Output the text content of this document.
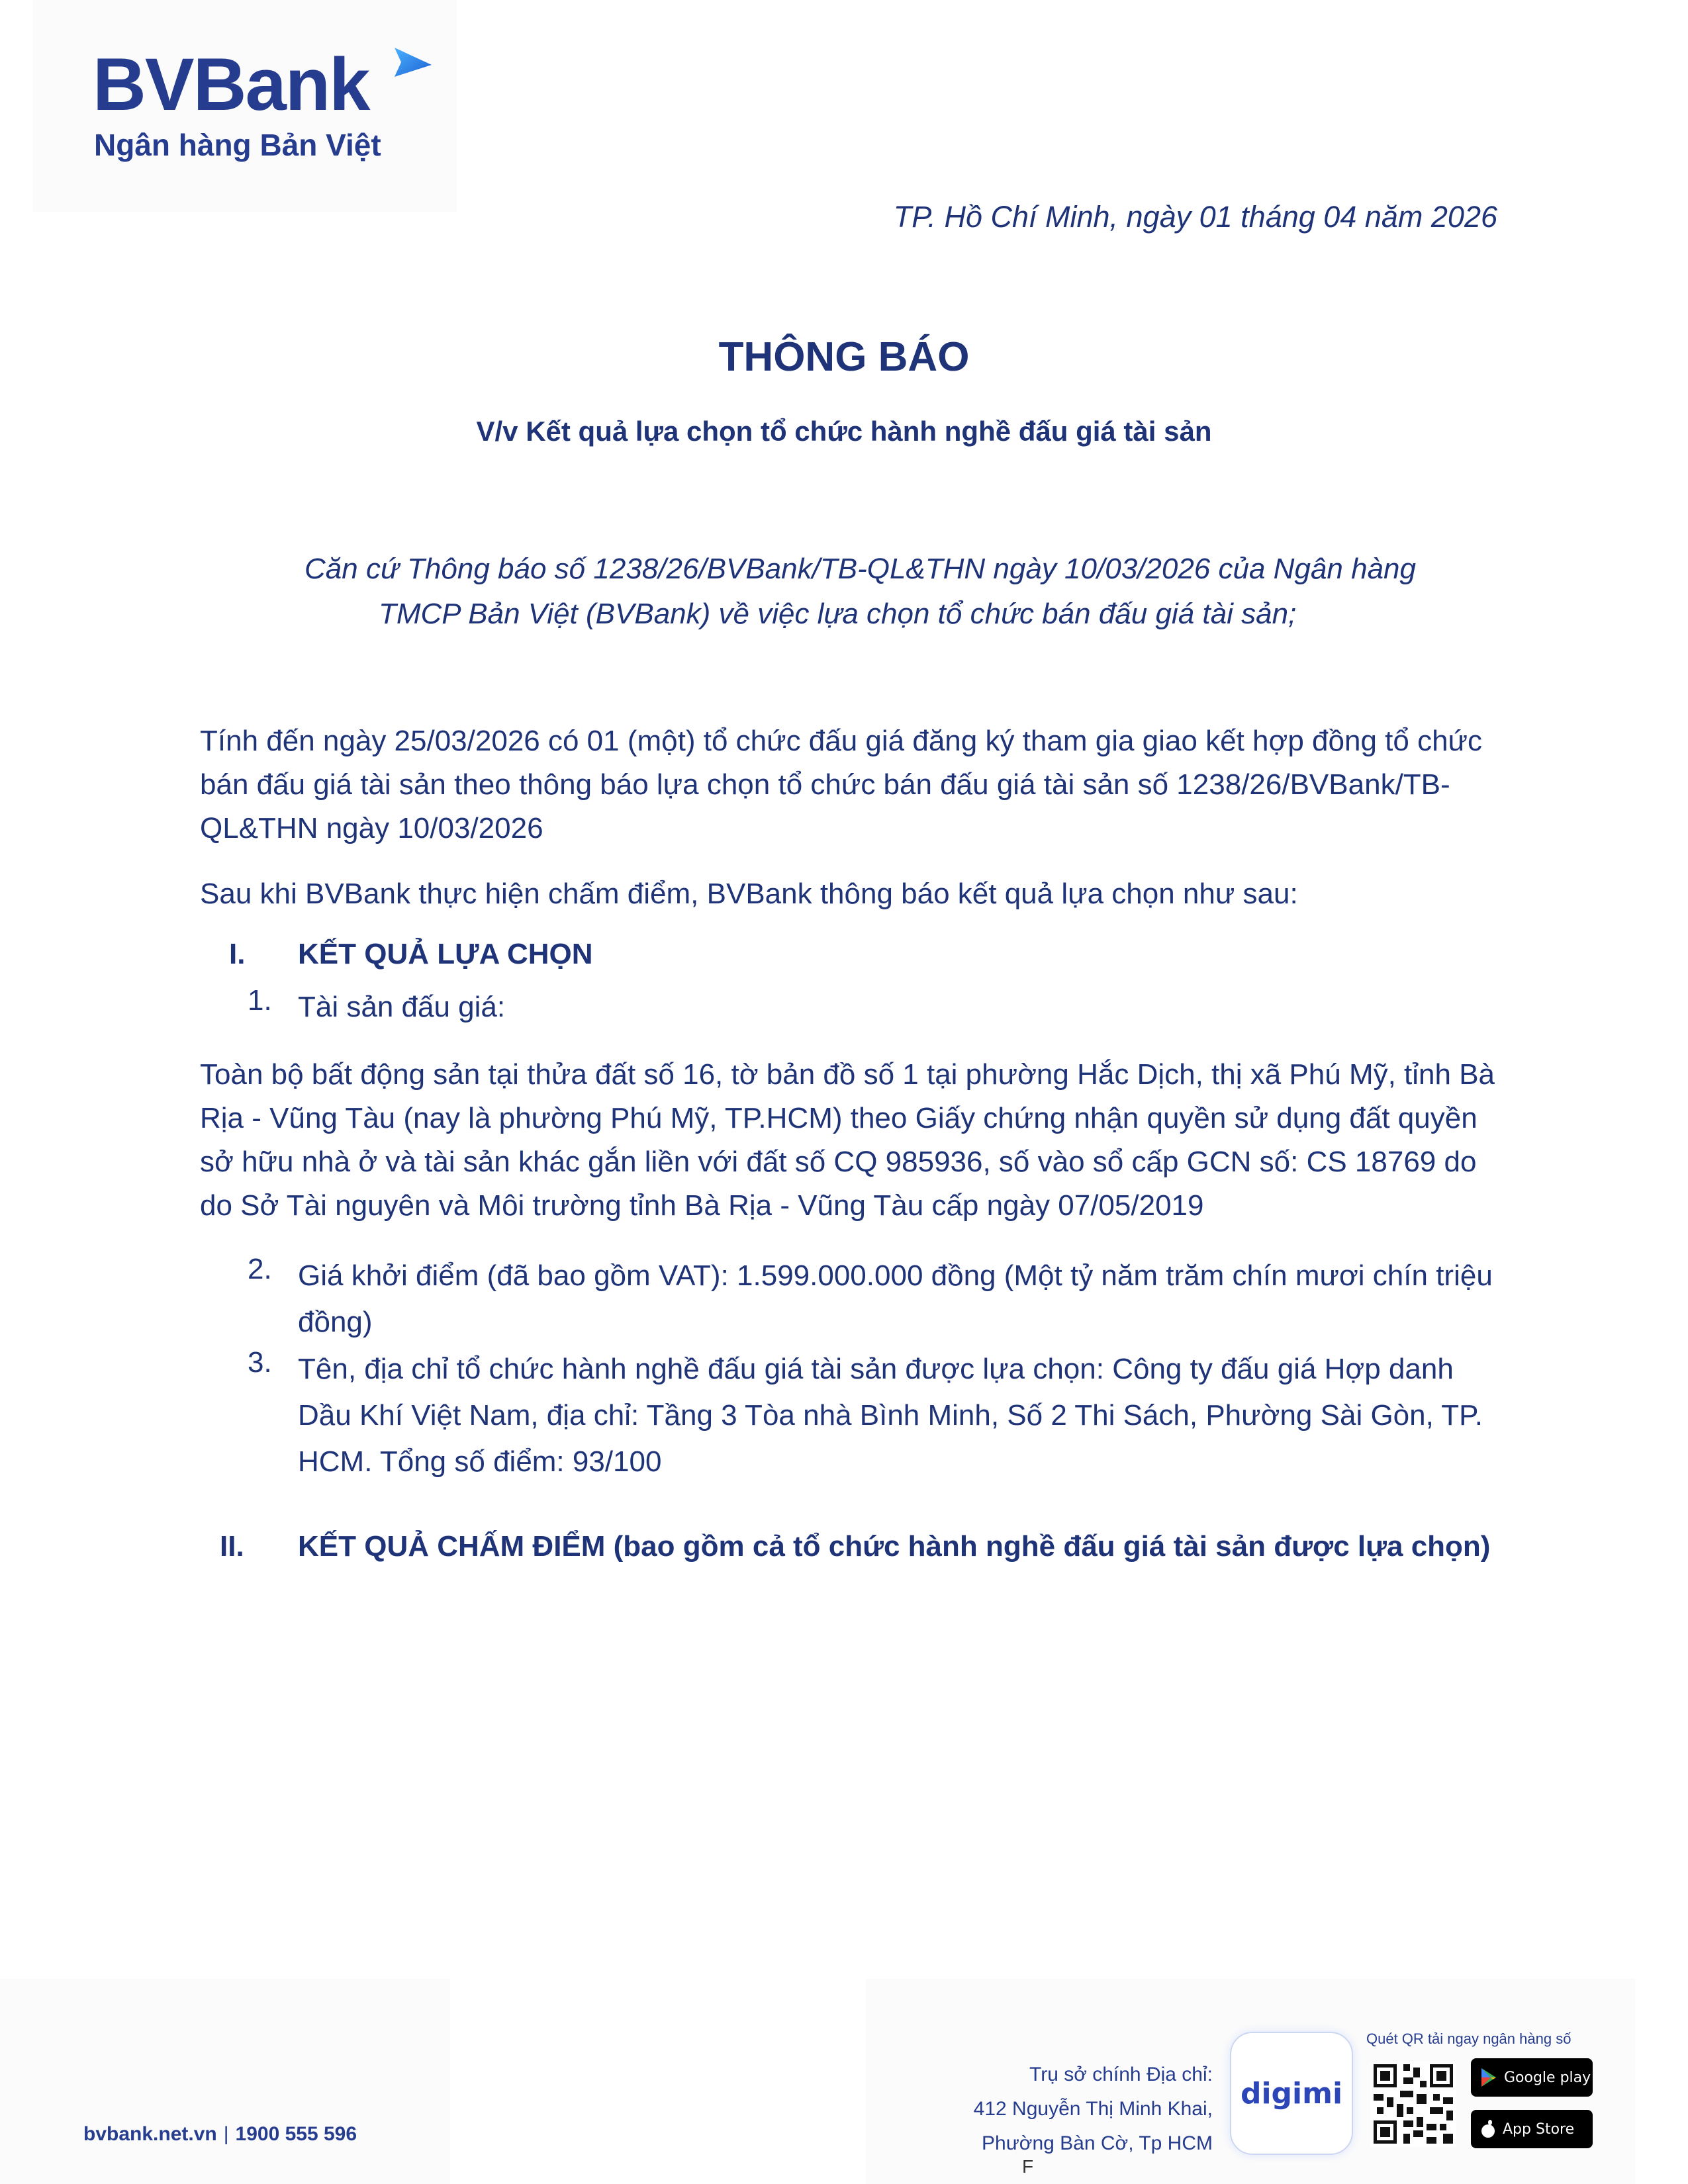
BVBank
Ngân hàng Bản Việt
TP. Hồ Chí Minh, ngày 01 tháng 04 năm 2026
THÔNG BÁO
V/v Kết quả lựa chọn tổ chức hành nghề đấu giá tài sản
Căn cứ Thông báo số 1238/26/BVBank/TB-QL&THN ngày 10/03/2026 của Ngân hàng
TMCP Bản Việt (BVBank) về việc lựa chọn tổ chức bán đấu giá tài sản;
Tính đến ngày 25/03/2026 có 01 (một) tổ chức đấu giá đăng ký tham gia giao kết hợp đồng tổ chức bán đấu giá tài sản theo thông báo lựa chọn tổ chức bán đấu giá tài sản số 1238/26/BVBank/TB-QL&THN ngày 10/03/2026
Sau khi BVBank thực hiện chấm điểm, BVBank thông báo kết quả lựa chọn như sau:
I. KẾT QUẢ LỰA CHỌN
1. Tài sản đấu giá:
Toàn bộ bất động sản tại thửa đất số 16, tờ bản đồ số 1 tại phường Hắc Dịch, thị xã Phú Mỹ, tỉnh Bà Rịa - Vũng Tàu (nay là phường Phú Mỹ, TP.HCM) theo Giấy chứng nhận quyền sử dụng đất quyền sở hữu nhà ở và tài sản khác gắn liền với đất số CQ 985936, số vào sổ cấp GCN số: CS 18769 do do Sở Tài nguyên và Môi trường tỉnh Bà Rịa - Vũng Tàu cấp ngày 07/05/2019
2. Giá khởi điểm (đã bao gồm VAT): 1.599.000.000 đồng (Một tỷ năm trăm chín mươi chín triệu đồng)
3. Tên, địa chỉ tổ chức hành nghề đấu giá tài sản được lựa chọn: Công ty đấu giá Hợp danh Dầu Khí Việt Nam, địa chỉ: Tầng 3 Tòa nhà Bình Minh, Số 2 Thi Sách, Phường Sài Gòn, TP. HCM. Tổng số điểm: 93/100
II. KẾT QUẢ CHẤM ĐIỂM (bao gồm cả tổ chức hành nghề đấu giá tài sản được lựa chọn)
bvbank.net.vn | 1900 555 596
Trụ sở chính Địa chỉ:
412 Nguyễn Thị Minh Khai,
Phường Bàn Cờ, Tp HCM
digimi
Quét QR tải ngay ngân hàng số
Google play
App Store
F
